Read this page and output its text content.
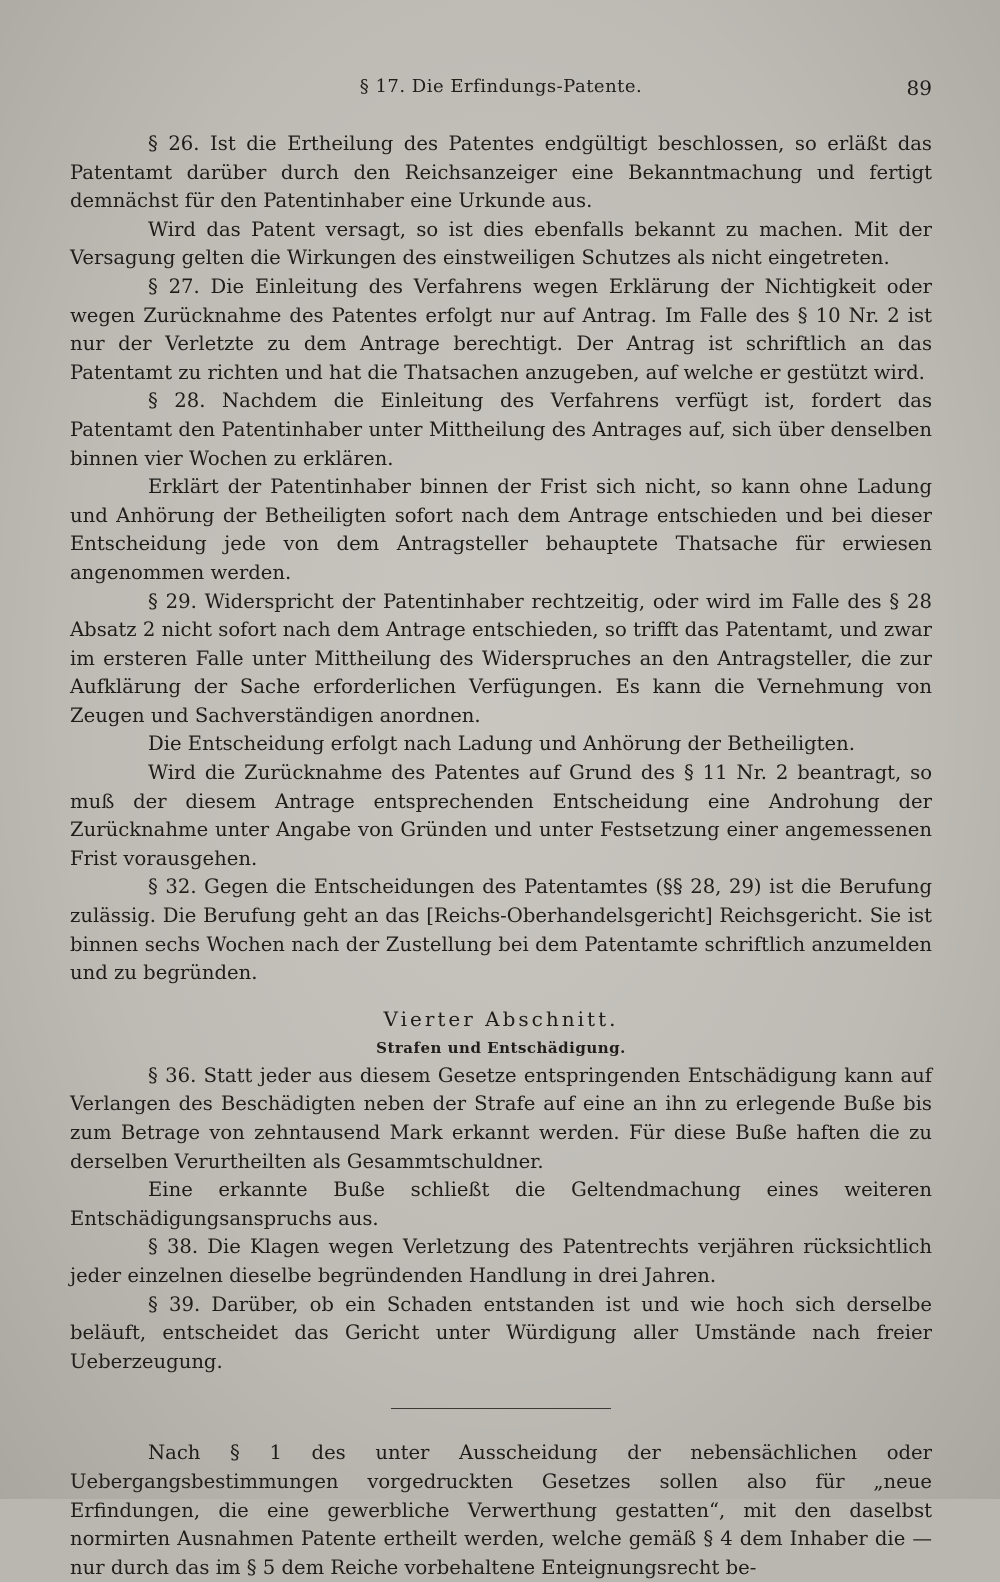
§ 17. Die Erfindungs-Patente.	89

§ 26. Ist die Ertheilung des Patentes endgültigt beschlossen, so erläßt das Patentamt darüber durch den Reichsanzeiger eine Bekanntmachung und fertigt demnächst für den Patentinhaber eine Urkunde aus.

Wird das Patent versagt, so ist dies ebenfalls bekannt zu machen. Mit der Versagung gelten die Wirkungen des einstweiligen Schutzes als nicht eingetreten.

§ 27. Die Einleitung des Verfahrens wegen Erklärung der Nichtigkeit oder wegen Zurücknahme des Patentes erfolgt nur auf Antrag. Im Falle des § 10 Nr. 2 ist nur der Verletzte zu dem Antrage berechtigt. Der Antrag ist schriftlich an das Patentamt zu richten und hat die Thatsachen anzugeben, auf welche er gestützt wird.

§ 28. Nachdem die Einleitung des Verfahrens verfügt ist, fordert das Patentamt den Patentinhaber unter Mittheilung des Antrages auf, sich über denselben binnen vier Wochen zu erklären.

Erklärt der Patentinhaber binnen der Frist sich nicht, so kann ohne Ladung und Anhörung der Betheiligten sofort nach dem Antrage entschieden und bei dieser Entscheidung jede von dem Antragsteller behauptete Thatsache für erwiesen angenommen werden.

§ 29. Widerspricht der Patentinhaber rechtzeitig, oder wird im Falle des § 28 Absatz 2 nicht sofort nach dem Antrage entschieden, so trifft das Patentamt, und zwar im ersteren Falle unter Mittheilung des Widerspruches an den Antragsteller, die zur Aufklärung der Sache erforderlichen Verfügungen. Es kann die Vernehmung von Zeugen und Sachverständigen anordnen.

Die Entscheidung erfolgt nach Ladung und Anhörung der Betheiligten.

Wird die Zurücknahme des Patentes auf Grund des § 11 Nr. 2 beantragt, so muß der diesem Antrage entsprechenden Entscheidung eine Androhung der Zurücknahme unter Angabe von Gründen und unter Festsetzung einer angemessenen Frist vorausgehen.

§ 32. Gegen die Entscheidungen des Patentamtes (§§ 28, 29) ist die Berufung zulässig. Die Berufung geht an das [Reichs-Oberhandelsgericht] Reichsgericht. Sie ist binnen sechs Wochen nach der Zustellung bei dem Patentamte schriftlich anzumelden und zu begründen.

Vierter Abschnitt.
Strafen und Entschädigung.

§ 36. Statt jeder aus diesem Gesetze entspringenden Entschädigung kann auf Verlangen des Beschädigten neben der Strafe auf eine an ihn zu erlegende Buße bis zum Betrage von zehntausend Mark erkannt werden. Für diese Buße haften die zu derselben Verurtheilten als Gesammtschuldner.

Eine erkannte Buße schließt die Geltendmachung eines weiteren Entschädigungsanspruchs aus.

§ 38. Die Klagen wegen Verletzung des Patentrechts verjähren rücksichtlich jeder einzelnen dieselbe begründenden Handlung in drei Jahren.

§ 39. Darüber, ob ein Schaden entstanden ist und wie hoch sich derselbe beläuft, entscheidet das Gericht unter Würdigung aller Umstände nach freier Ueberzeugung.

Nach § 1 des unter Ausscheidung der nebensächlichen oder Uebergangsbestimmungen vorgedruckten Gesetzes sollen also für „neue Erfindungen, die eine gewerbliche Verwerthung gestatten“, mit den daselbst normirten Ausnahmen Patente ertheilt werden, welche gemäß § 4 dem Inhaber die — nur durch das im § 5 dem Reiche vorbehaltene Enteignungsrecht be-
